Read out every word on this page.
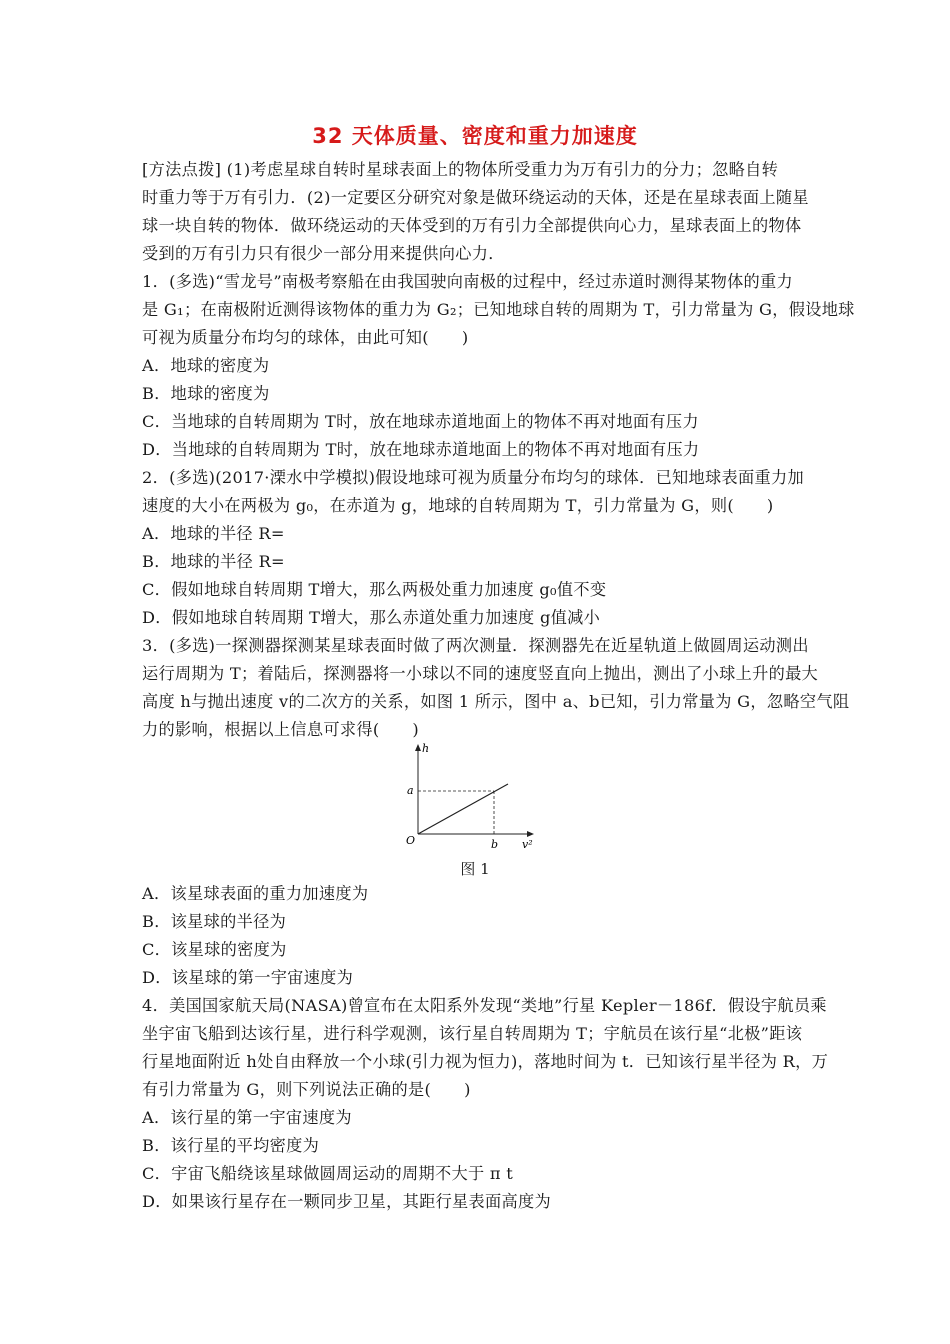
32 天体质量、密度和重力加速度
[方法点拨] (1)考虑星球自转时星球表面上的物体所受重力为万有引力的分力；忽略自转
时重力等于万有引力．(2)一定要区分研究对象是做环绕运动的天体，还是在星球表面上随星
球一块自转的物体．做环绕运动的天体受到的万有引力全部提供向心力，星球表面上的物体
受到的万有引力只有很少一部分用来提供向心力．
1．(多选)“雪龙号”南极考察船在由我国驶向南极的过程中，经过赤道时测得某物体的重力
是 G₁；在南极附近测得该物体的重力为 G₂；已知地球自转的周期为 T，引力常量为 G，假设地球
可视为质量分布均匀的球体，由此可知(　　)
A．地球的密度为
B．地球的密度为
C．当地球的自转周期为 T时，放在地球赤道地面上的物体不再对地面有压力
D．当地球的自转周期为 T时，放在地球赤道地面上的物体不再对地面有压力
2．(多选)(2017·溧水中学模拟)假设地球可视为质量分布均匀的球体．已知地球表面重力加
速度的大小在两极为 g₀，在赤道为 g，地球的自转周期为 T，引力常量为 G，则(　　)
A．地球的半径 R=
B．地球的半径 R=
C．假如地球自转周期 T增大，那么两极处重力加速度 g₀值不变
D．假如地球自转周期 T增大，那么赤道处重力加速度 g值减小
3．(多选)一探测器探测某星球表面时做了两次测量．探测器先在近星轨道上做圆周运动测出
运行周期为 T；着陆后，探测器将一小球以不同的速度竖直向上抛出，测出了小球上升的最大
高度 h与抛出速度 v的二次方的关系，如图 1 所示，图中 a、b已知，引力常量为 G，忽略空气阻
力的影响，根据以上信息可求得(　　)
h
a
b
O	v²
图 1
A．该星球表面的重力加速度为
B．该星球的半径为
C．该星球的密度为
D．该星球的第一宇宙速度为
4．美国国家航天局(NASA)曾宣布在太阳系外发现“类地”行星 Kepler－186f．假设宇航员乘
坐宇宙飞船到达该行星，进行科学观测，该行星自转周期为 T；宇航员在该行星“北极”距该
行星地面附近 h处自由释放一个小球(引力视为恒力)，落地时间为 t．已知该行星半径为 R，万
有引力常量为 G，则下列说法正确的是(　　)
A．该行星的第一宇宙速度为
B．该行星的平均密度为
C．宇宙飞船绕该星球做圆周运动的周期不大于 π t
D．如果该行星存在一颗同步卫星，其距行星表面高度为
